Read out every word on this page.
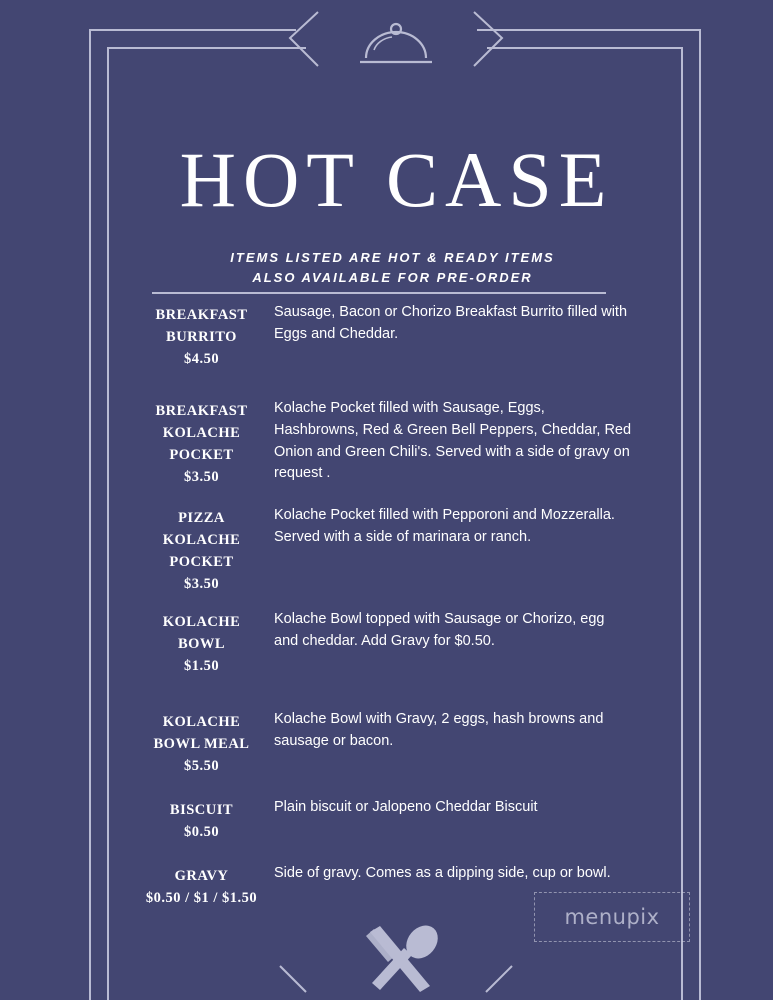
HOT CASE
ITEMS LISTED ARE HOT & READY ITEMS
ALSO AVAILABLE FOR PRE-ORDER
BREAKFAST
BURRITO
$4.50
Sausage, Bacon or Chorizo Breakfast Burrito filled with Eggs and Cheddar.
BREAKFAST
KOLACHE
POCKET
$3.50
Kolache Pocket filled with Sausage, Eggs, Hashbrowns, Red & Green Bell Peppers, Cheddar, Red Onion and Green Chili's. Served with a side of gravy on request .
PIZZA
KOLACHE
POCKET
$3.50
Kolache Pocket filled with Pepporoni and Mozzeralla. Served with a side of marinara or ranch.
KOLACHE
BOWL
$1.50
Kolache Bowl topped with Sausage or Chorizo, egg and cheddar. Add Gravy for $0.50.
KOLACHE
BOWL MEAL
$5.50
Kolache Bowl with Gravy, 2 eggs, hash browns and sausage or bacon.
BISCUIT
$0.50
Plain biscuit or Jalopeno Cheddar Biscuit
GRAVY
$0.50 / $1 / $1.50
Side of gravy. Comes as a dipping side, cup or bowl.
menupix
